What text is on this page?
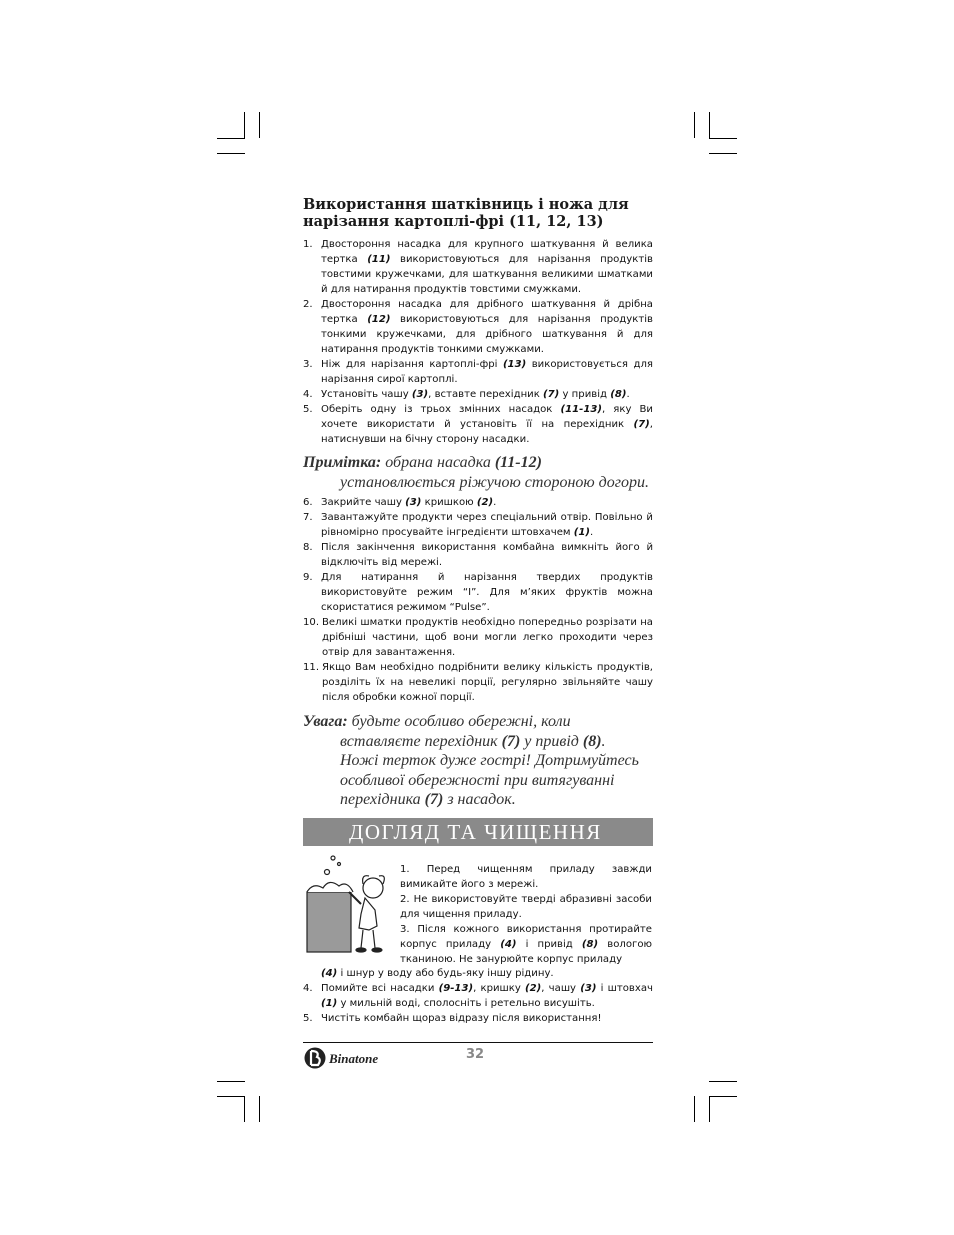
Використання шатківниць і ножа для
нарізання картоплі-фрі (11, 12, 13)
1. Двостороння насадка для крупного шаткування й велика тертка (11) використовуються для нарізання продуктів товстими кружечками, для шаткування великими шматками й для натирання продуктів товстими смужками.
2. Двостороння насадка для дрібного шаткування й дрібна тертка (12) використовуються для нарізання продуктів тонкими кружечками, для дрібного шаткування й для натирання продуктів тонкими смужками.
3. Ніж для нарізання картоплі-фрі (13) використовується для нарізання сирої картоплі.
4. Установіть чашу (3), вставте перехідник (7) у привід (8).
5. Оберіть одну із трьох змінних насадок (11-13), яку Ви хочете використати й установіть її на перехідник (7), натиснувши на бічну сторону насадки.
Примітка: обрана насадка (11-12)
установлюється ріжучою стороною догори.
6. Закрийте чашу (3) кришкою (2).
7. Завантажуйте продукти через спеціальний отвір. Повільно й рівномірно просувайте інгредієнти штовхачем (1).
8. Після закінчення використання комбайна вимкніть його й відключіть від мережі.
9. Для натирання й нарізання твердих продуктів використовуйте режим “I”. Для м’яких фруктів можна скористатися режимом “Pulse”.
10. Великі шматки продуктів необхідно попередньо розрізати на дрібніші частини, щоб вони могли легко проходити через отвір для завантаження.
11. Якщо Вам необхідно подрібнити велику кількість продуктів, розділіть їх на невеликі порції, регулярно звільняйте чашу після обробки кожної порції.
Увага: будьте особливо обережні, коли
вставляєте перехідник (7) у привід (8).
Ножі терток дуже гострі! Дотримуйтесь
особливої обережності при витягуванні
перехідника (7) з насадок.
ДОГЛЯД ТА ЧИЩЕННЯ
1. Перед чищенням приладу завжди вимикайте його з мережі.
2. Не використовуйте тверді абразивні засоби для чищення приладу.
3. Після кожного використання протирайте корпус приладу (4) і привід (8) вологою тканиною. Не занурюйте корпус приладу
(4) і шнур у воду або будь-яку іншу рідину.
4. Помийте всі насадки (9-13), кришку (2), чашу (3) і штовхач (1) у мильній воді, сполосніть і ретельно висушіть.
5. Чистіть комбайн щораз відразу після використання!
Binatone	32
